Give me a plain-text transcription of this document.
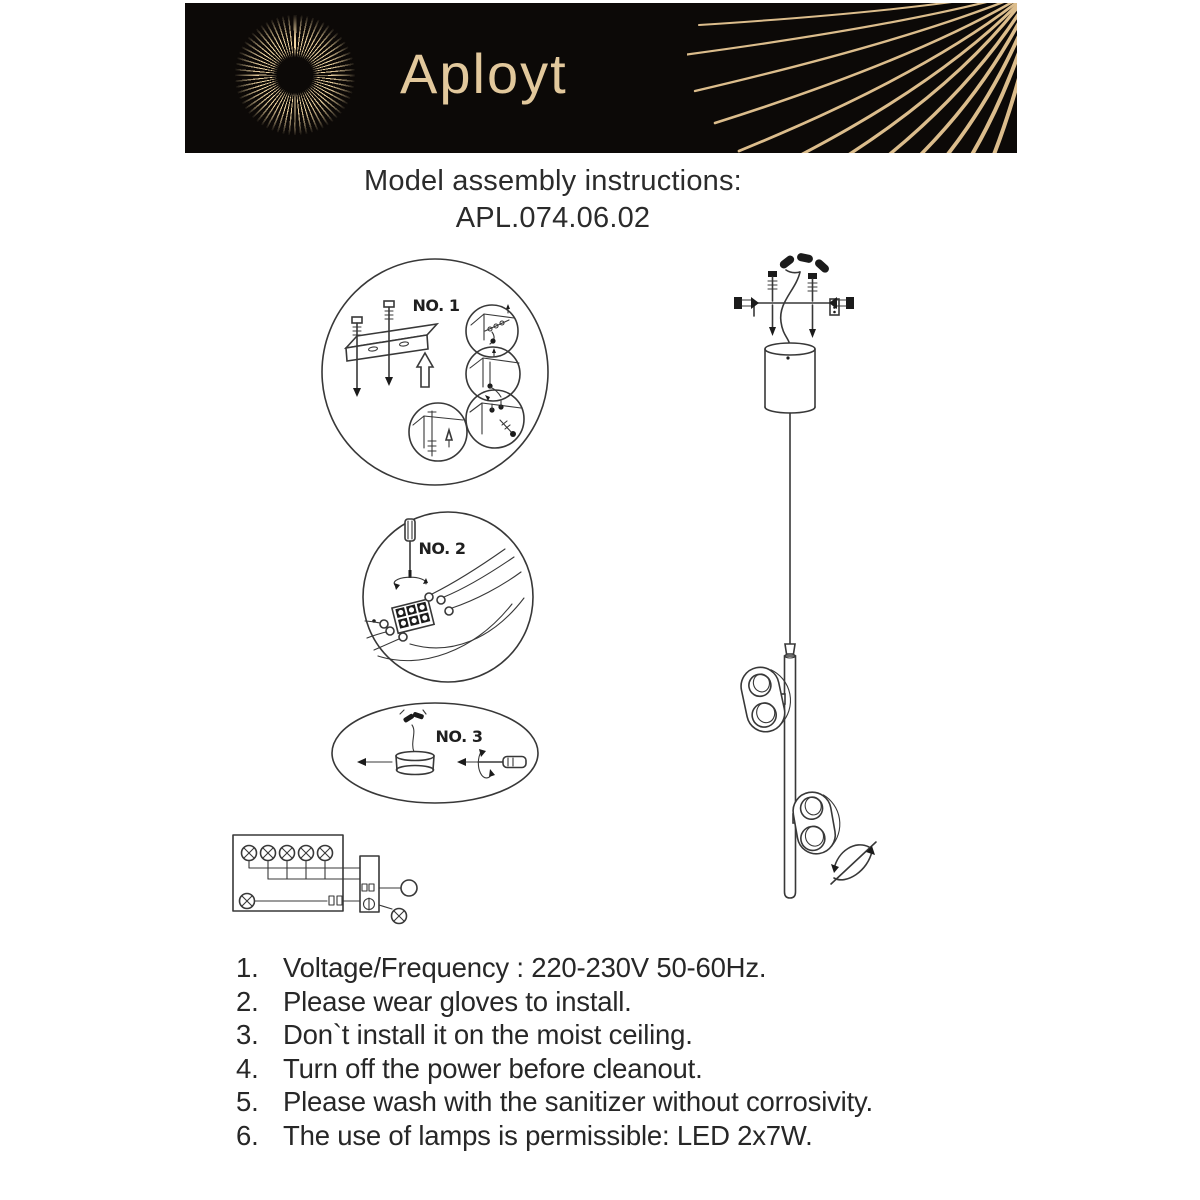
Aployt
Model assembly instructions:
APL.074.06.02
NO. 1
NO. 2
NO. 3
1. Voltage/Frequency : 220-230V 50-60Hz.
2. Please wear gloves to install.
3. Don`t install it on the moist ceiling.
4. Turn off the power before cleanout.
5. Please wash with the sanitizer without corrosivity.
6. The use of lamps is permissible: LED 2x7W.
